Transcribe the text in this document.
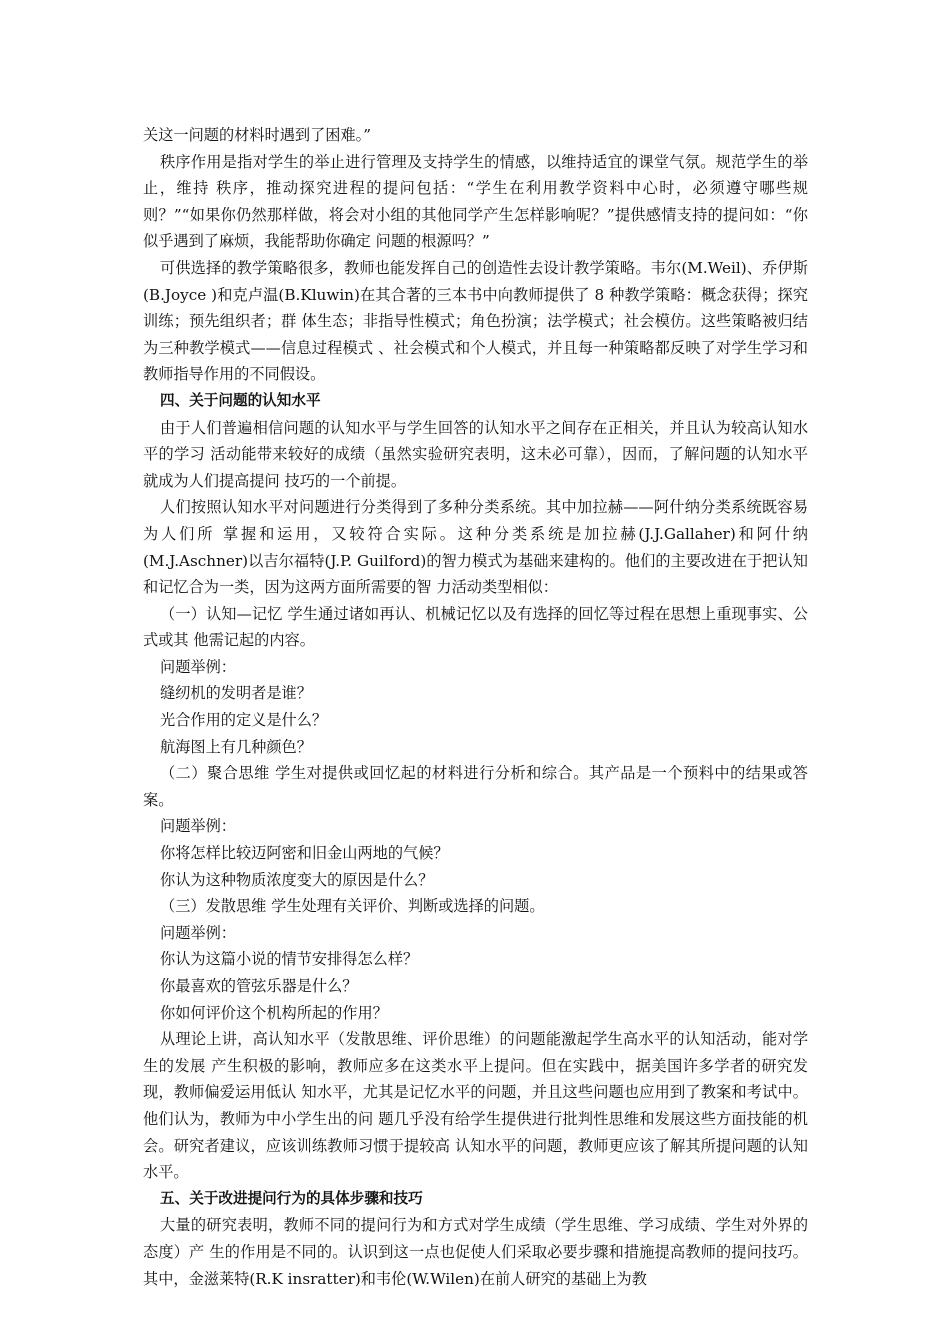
关这一问题的材料时遇到了困难。”

秩序作用是指对学生的举止进行管理及支持学生的情感，以维持适宜的课堂气氛。规范学生的举止，维持 秩序，推动探究进程的提问包括：“学生在利用教学资料中心时，必须遵守哪些规则？”“如果你仍然那样做，将会对小组的其他同学产生怎样影响呢？”提供感情支持的提问如：“你似乎遇到了麻烦，我能帮助你确定 问题的根源吗？”

可供选择的教学策略很多，教师也能发挥自己的创造性去设计教学策略。韦尔(M.Weil)、乔伊斯(B.Joyce )和克卢温(B.Kluwin)在其合著的三本书中向教师提供了 8 种教学策略：概念获得；探究训练；预先组织者；群 体生态；非指导性模式；角色扮演；法学模式；社会模仿。这些策略被归结为三种教学模式——信息过程模式 、社会模式和个人模式，并且每一种策略都反映了对学生学习和教师指导作用的不同假设。

四、关于问题的认知水平

由于人们普遍相信问题的认知水平与学生回答的认知水平之间存在正相关，并且认为较高认知水平的学习 活动能带来较好的成绩（虽然实验研究表明，这未必可靠），因而，了解问题的认知水平就成为人们提高提问 技巧的一个前提。

人们按照认知水平对问题进行分类得到了多种分类系统。其中加拉赫——阿什纳分类系统既容易为人们所 掌握和运用，又较符合实际。这种分类系统是加拉赫(J.J.Gallaher)和阿什纳(M.J.Aschner)以吉尔福特(J.P. Guilford)的智力模式为基础来建构的。他们的主要改进在于把认知和记忆合为一类，因为这两方面所需要的智 力活动类型相似：

（一）认知—记忆 学生通过诸如再认、机械记忆以及有选择的回忆等过程在思想上重现事实、公式或其 他需记起的内容。

问题举例：

缝纫机的发明者是谁？

光合作用的定义是什么？

航海图上有几种颜色？

（二）聚合思维 学生对提供或回忆起的材料进行分析和综合。其产品是一个预料中的结果或答案。

问题举例：

你将怎样比较迈阿密和旧金山两地的气候？

你认为这种物质浓度变大的原因是什么？

（三）发散思维 学生处理有关评价、判断或选择的问题。

问题举例：

你认为这篇小说的情节安排得怎么样？

你最喜欢的管弦乐器是什么？

你如何评价这个机构所起的作用？

从理论上讲，高认知水平（发散思维、评价思维）的问题能激起学生高水平的认知活动，能对学生的发展 产生积极的影响，教师应多在这类水平上提问。但在实践中，据美国许多学者的研究发现，教师偏爱运用低认 知水平，尤其是记忆水平的问题，并且这些问题也应用到了教案和考试中。他们认为，教师为中小学生出的问 题几乎没有给学生提供进行批判性思维和发展这些方面技能的机会。研究者建议，应该训练教师习惯于提较高 认知水平的问题，教师更应该了解其所提问题的认知水平。

五、关于改进提问行为的具体步骤和技巧

大量的研究表明，教师不同的提问行为和方式对学生成绩（学生思维、学习成绩、学生对外界的态度）产 生的作用是不同的。认识到这一点也促使人们采取必要步骤和措施提高教师的提问技巧。其中，金滋莱特(R.K insratter)和韦伦(W.Wilen)在前人研究的基础上为教
